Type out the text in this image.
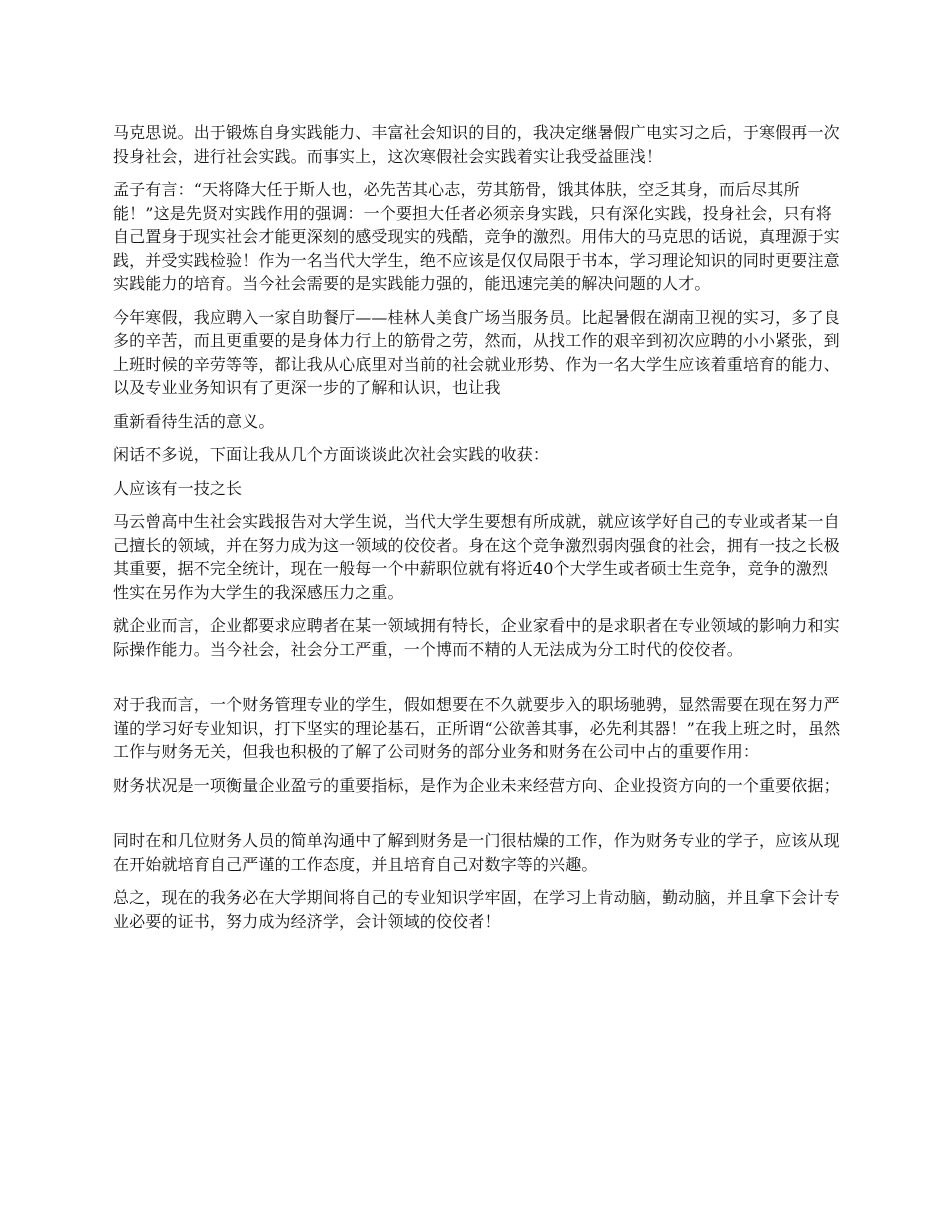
马克思说。出于锻炼自身实践能力、丰富社会知识的目的，我决定继暑假广电实习之后，于寒假再一次投身社会，进行社会实践。而事实上，这次寒假社会实践着实让我受益匪浅！

孟子有言：“天将降大任于斯人也，必先苦其心志，劳其筋骨，饿其体肤，空乏其身，而后尽其所能！”这是先贤对实践作用的强调：一个要担大任者必须亲身实践，只有深化实践，投身社会，只有将自己置身于现实社会才能更深刻的感受现实的残酷，竞争的激烈。用伟大的马克思的话说，真理源于实践，并受实践检验！作为一名当代大学生，绝不应该是仅仅局限于书本，学习理论知识的同时更要注意实践能力的培育。当今社会需要的是实践能力强的，能迅速完美的解决问题的人才。

今年寒假，我应聘入一家自助餐厅——桂林人美食广场当服务员。比起暑假在湖南卫视的实习，多了良多的辛苦，而且更重要的是身体力行上的筋骨之劳，然而，从找工作的艰辛到初次应聘的小小紧张，到上班时候的辛劳等等，都让我从心底里对当前的社会就业形势、作为一名大学生应该着重培育的能力、以及专业业务知识有了更深一步的了解和认识，也让我

重新看待生活的意义。

闲话不多说，下面让我从几个方面谈谈此次社会实践的收获：

人应该有一技之长

马云曾高中生社会实践报告对大学生说，当代大学生要想有所成就，就应该学好自己的专业或者某一自己擅长的领域，并在努力成为这一领域的佼佼者。身在这个竞争激烈弱肉强食的社会，拥有一技之长极其重要，据不完全统计，现在一般每一个中薪职位就有将近40个大学生或者硕士生竞争，竞争的激烈性实在另作为大学生的我深感压力之重。

就企业而言，企业都要求应聘者在某一领域拥有特长，企业家看中的是求职者在专业领域的影响力和实际操作能力。当今社会，社会分工严重，一个博而不精的人无法成为分工时代的佼佼者。

对于我而言，一个财务管理专业的学生，假如想要在不久就要步入的职场驰骋，显然需要在现在努力严谨的学习好专业知识，打下坚实的理论基石，正所谓“公欲善其事，必先利其器！”在我上班之时，虽然工作与财务无关，但我也积极的了解了公司财务的部分业务和财务在公司中占的重要作用：

财务状况是一项衡量企业盈亏的重要指标，是作为企业未来经营方向、企业投资方向的一个重要依据；

同时在和几位财务人员的简单沟通中了解到财务是一门很枯燥的工作，作为财务专业的学子，应该从现在开始就培育自己严谨的工作态度，并且培育自己对数字等的兴趣。

总之，现在的我务必在大学期间将自己的专业知识学牢固，在学习上肯动脑，勤动脑，并且拿下会计专业必要的证书，努力成为经济学，会计领域的佼佼者！
